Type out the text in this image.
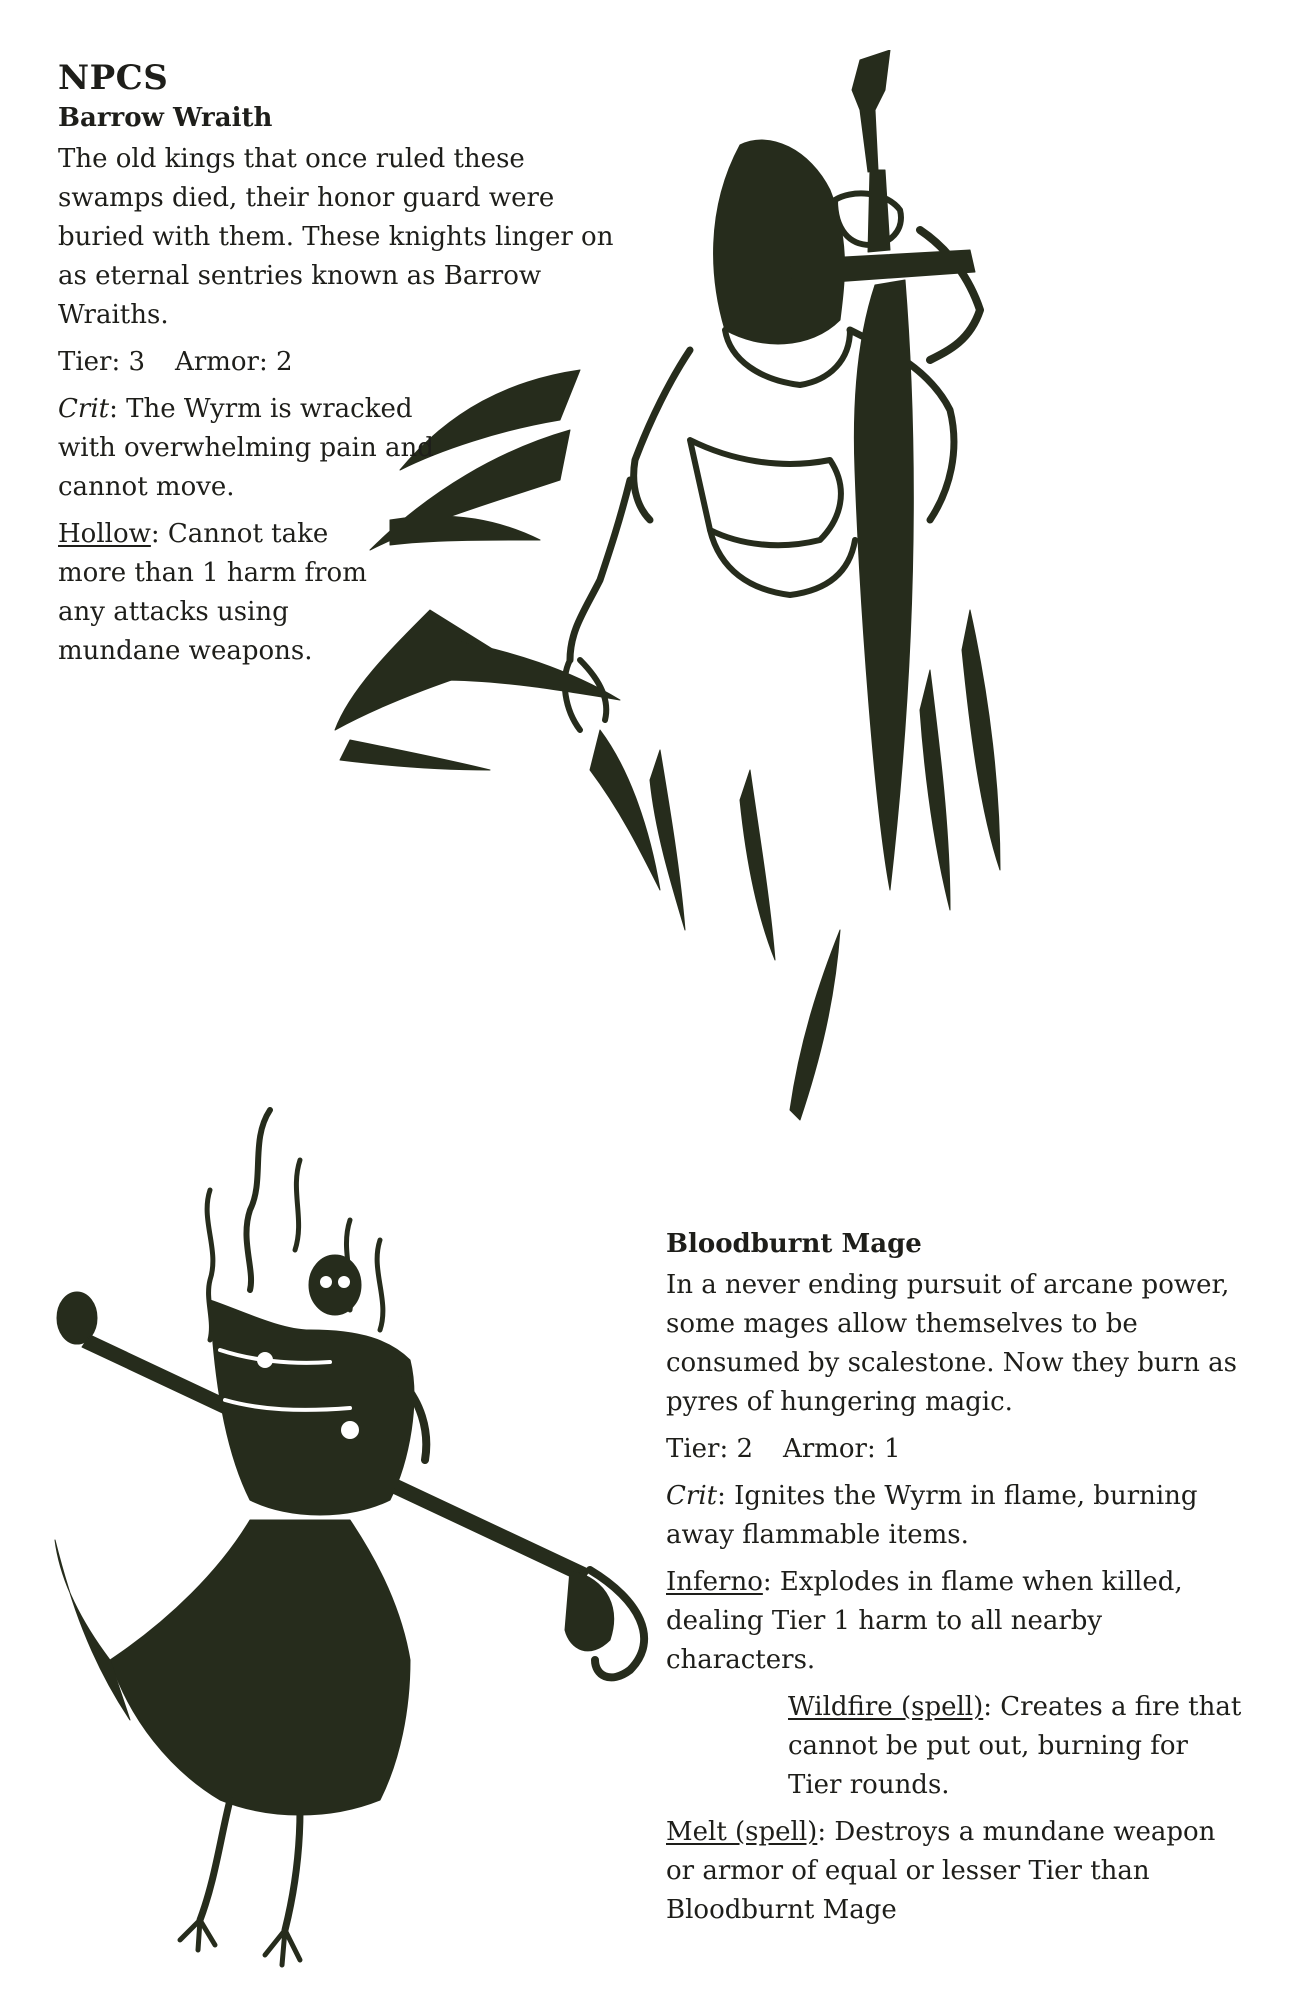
NPCS
Barrow Wraith

The old kings that once ruled these swamps died, their honor guard were buried with them. These knights linger on as eternal sentries known as Barrow Wraiths.

Tier: 3 Armor: 2

Crit: The Wyrm is wracked with overwhelming pain and cannot move.

Hollow: Cannot take more than 1 harm from any attacks using mundane weapons.

Bloodburnt Mage

In a never ending pursuit of arcane power, some mages allow themselves to be consumed by scalestone. Now they burn as pyres of hungering magic.

Tier: 2 Armor: 1

Crit: Ignites the Wyrm in flame, burning away flammable items.

Inferno: Explodes in flame when killed, dealing Tier 1 harm to all nearby characters.

Wildfire (spell): Creates a fire that cannot be put out, burning for Tier rounds.

Melt (spell): Destroys a mundane weapon or armor of equal or lesser Tier than Bloodburnt Mage
